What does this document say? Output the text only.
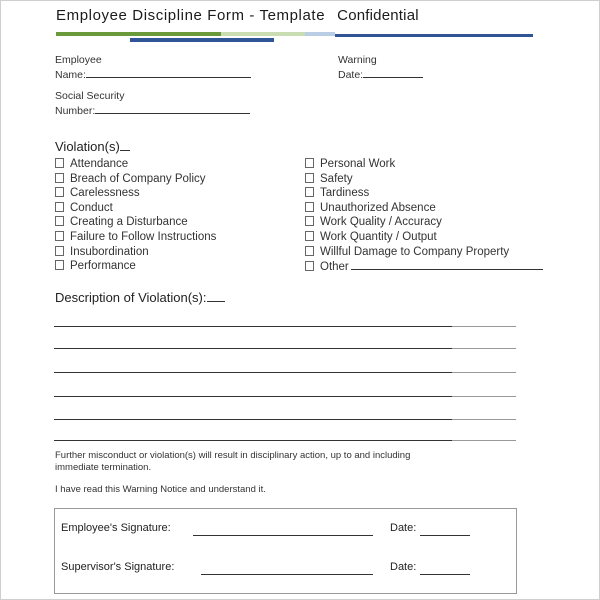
Employee Discipline Form - Template Confidential
Employee
Name:
Warning
Date:
Social Security
Number:
Violation(s)
Attendance
Breach of Company Policy
Carelessness
Conduct
Creating a Disturbance
Failure to Follow Instructions
Insubordination
Performance
Personal Work
Safety
Tardiness
Unauthorized Absence
Work Quality / Accuracy
Work Quantity / Output
Willful Damage to Company Property
Other
Description of Violation(s):
Further misconduct or violation(s) will result in disciplinary action, up to and including immediate termination.
I have read this Warning Notice and understand it.
Employee's Signature:	Date:
Supervisor's Signature:	Date:
